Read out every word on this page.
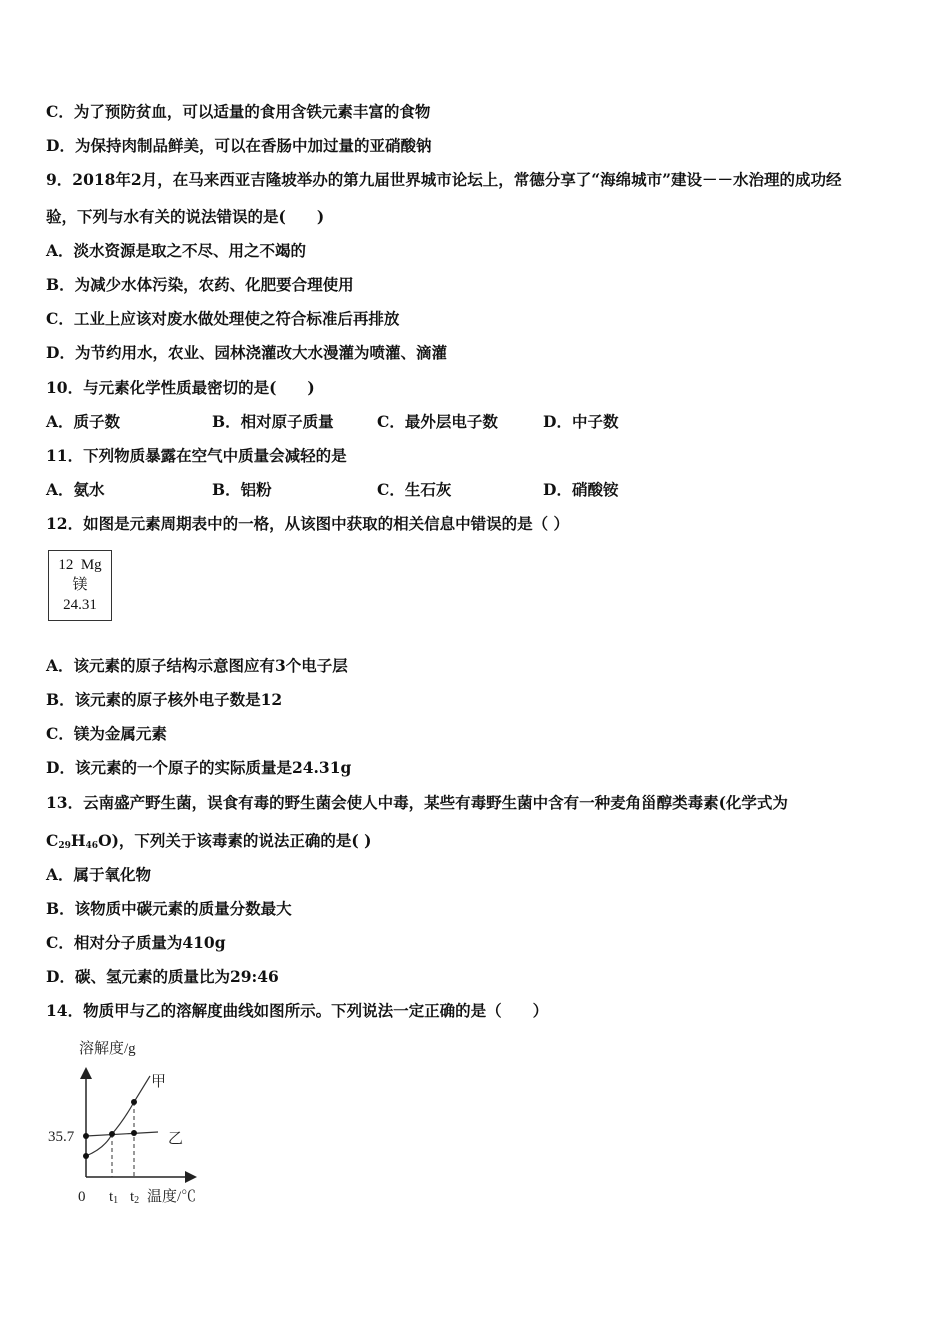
C．为了预防贫血，可以适量的食用含铁元素丰富的食物
D．为保持肉制品鲜美，可以在香肠中加过量的亚硝酸钠
9．2018年2月，在马来西亚吉隆坡举办的第九届世界城市论坛上，常德分享了“海绵城市”建设－－水治理的成功经
验，下列与水有关的说法错误的是(　　)
A．淡水资源是取之不尽、用之不竭的
B．为减少水体污染，农药、化肥要合理使用
C．工业上应该对废水做处理使之符合标准后再排放
D．为节约用水，农业、园林浇灌改大水漫灌为喷灌、滴灌
10．与元素化学性质最密切的是(　　)
A．质子数	B．相对原子质量	C．最外层电子数	D．中子数
11．下列物质暴露在空气中质量会减轻的是
A．氨水	B．铝粉	C．生石灰	D．硝酸铵
12．如图是元素周期表中的一格，从该图中获取的相关信息中错误的是（ ）
12 Mg
镁
24.31
A．该元素的原子结构示意图应有3个电子层
B．该元素的原子核外电子数是12
C．镁为金属元素
D．该元素的一个原子的实际质量是24.31g
13．云南盛产野生菌，误食有毒的野生菌会使人中毒，某些有毒野生菌中含有一种麦角甾醇类毒素(化学式为
$C_{29}H_{46}O$)，下列关于该毒素的说法正确的是( )
A．属于氧化物
B．该物质中碳元素的质量分数最大
C．相对分子质量为410g
D．碳、氢元素的质量比为29:46
14．物质甲与乙的溶解度曲线如图所示。下列说法一定正确的是（　　）
溶解度/g
35.7
甲
乙
0 t1 t2 温度/℃
